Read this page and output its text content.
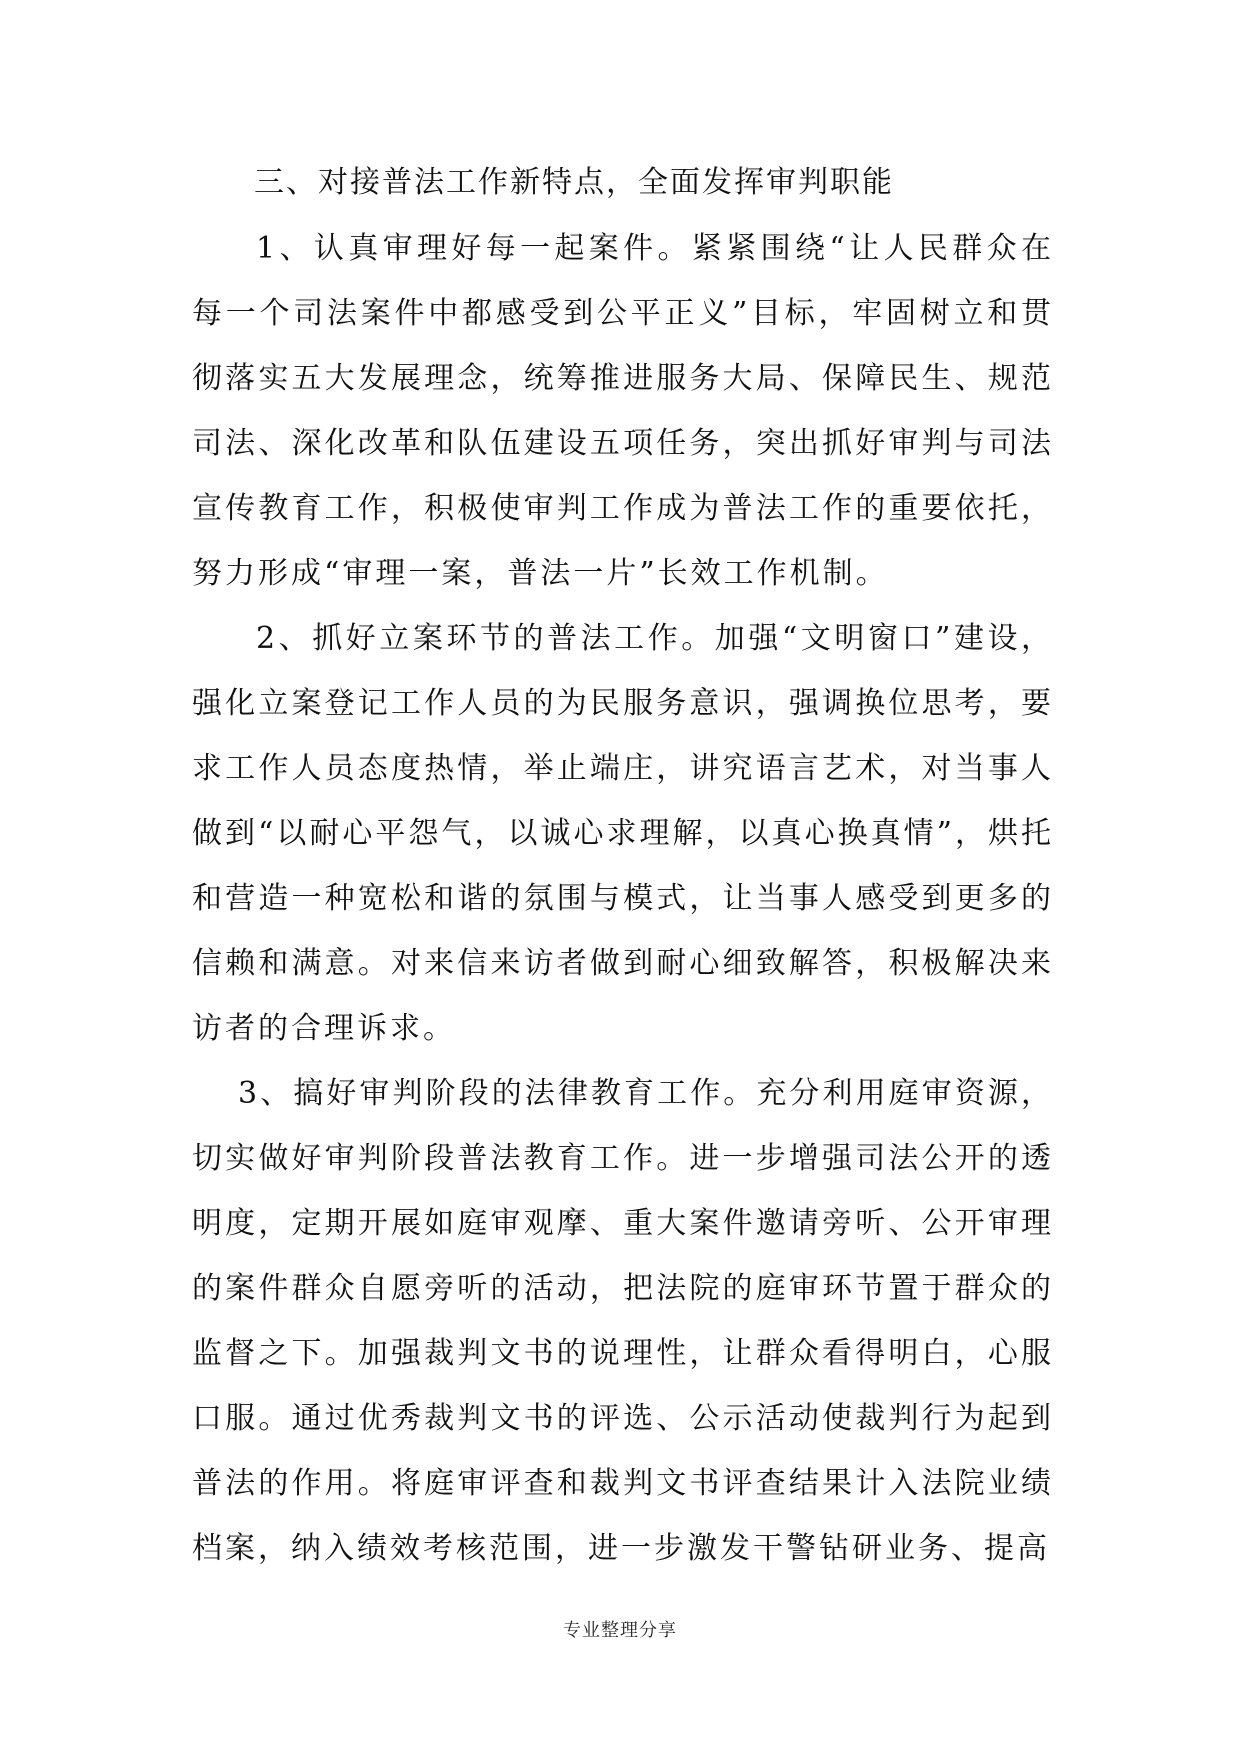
三、对接普法工作新特点，全面发挥审判职能

1、认真审理好每一起案件。紧紧围绕“让人民群众在每一个司法案件中都感受到公平正义”目标，牢固树立和贯彻落实五大发展理念，统筹推进服务大局、保障民生、规范司法、深化改革和队伍建设五项任务，突出抓好审判与司法宣传教育工作，积极使审判工作成为普法工作的重要依托，努力形成“审理一案，普法一片”长效工作机制。

2、抓好立案环节的普法工作。加强“文明窗口”建设，强化立案登记工作人员的为民服务意识，强调换位思考，要求工作人员态度热情，举止端庄，讲究语言艺术，对当事人做到“以耐心平怨气，以诚心求理解，以真心换真情”，烘托和营造一种宽松和谐的氛围与模式，让当事人感受到更多的信赖和满意。对来信来访者做到耐心细致解答，积极解决来访者的合理诉求。

3、搞好审判阶段的法律教育工作。充分利用庭审资源，切实做好审判阶段普法教育工作。进一步增强司法公开的透明度，定期开展如庭审观摩、重大案件邀请旁听、公开审理的案件群众自愿旁听的活动，把法院的庭审环节置于群众的监督之下。加强裁判文书的说理性，让群众看得明白，心服口服。通过优秀裁判文书的评选、公示活动使裁判行为起到普法的作用。将庭审评查和裁判文书评查结果计入法院业绩档案，纳入绩效考核范围，进一步激发干警钻研业务、提高

专业整理分享
